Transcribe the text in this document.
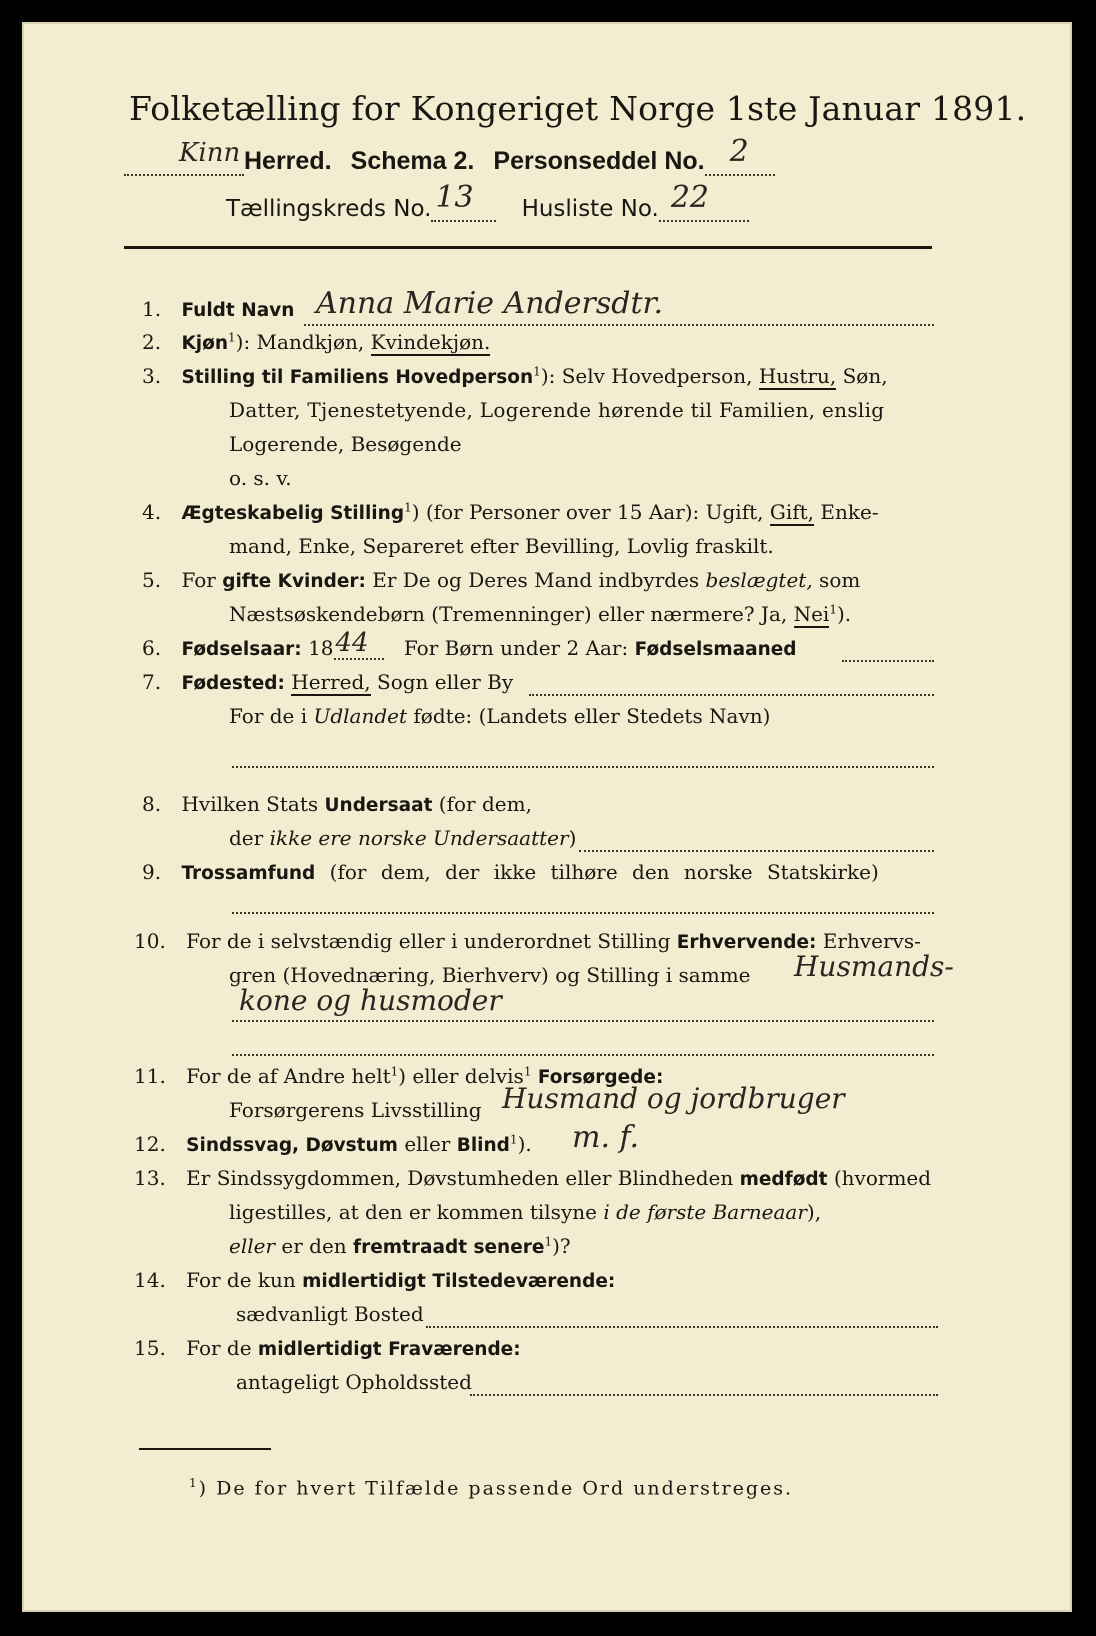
Folketælling for Kongeriget Norge 1ste Januar 1891.
Kinn Herred. Schema 2. Personseddel No. 2
Tællingskreds No. 13 Husliste No. 22
1. Fuldt Navn Anna Marie Andersdtr.
2. Kjøn$^1$): Mandkjøn, Kvindekjøn.
3. Stilling til Familiens Hovedperson$^1$): Selv Hovedperson, Hustru, Søn,
Datter, Tjenestetyende, Logerende hørende til Familien, enslig
Logerende, Besøgende
o. s. v.
4. Ægteskabelig Stilling$^1$) (for Personer over 15 Aar): Ugift, Gift, Enke-
mand, Enke, Separeret efter Bevilling, Lovlig fraskilt.
5. For gifte Kvinder: Er De og Deres Mand indbyrdes beslægtet, som
Næstsøskendebørn (Tremenninger) eller nærmere? Ja, Nei$^1$).
6. Fødselsaar: 18 44 For Børn under 2 Aar: Fødselsmaaned
7. Fødested: Herred, Sogn eller By
For de i Udlandet fødte: (Landets eller Stedets Navn)
8. Hvilken Stats Undersaat (for dem,
der ikke ere norske Undersaatter)
9. Trossamfund (for dem, der ikke tilhøre den norske Statskirke)
10. For de i selvstændig eller i underordnet Stilling Erhvervende: Erhvervs-
gren (Hovednæring, Bierhverv) og Stilling i samme Husmands-
kone og husmoder
11. For de af Andre helt$^1$) eller delvis$^1$ Forsørgede:
Forsørgerens Livsstilling Husmand og jordbruger
12. Sindssvag, Døvstum eller Blind$^1$). m. f.
13. Er Sindssygdommen, Døvstumheden eller Blindheden medfødt (hvormed
ligestilles, at den er kommen tilsyne i de første Barneaar),
eller er den fremtraadt senere$^1$)?
14. For de kun midlertidigt Tilstedeværende:
sædvanligt Bosted
15. For de midlertidigt Fraværende:
antageligt Opholdssted
$^1$) De for hvert Tilfælde passende Ord understreges.
